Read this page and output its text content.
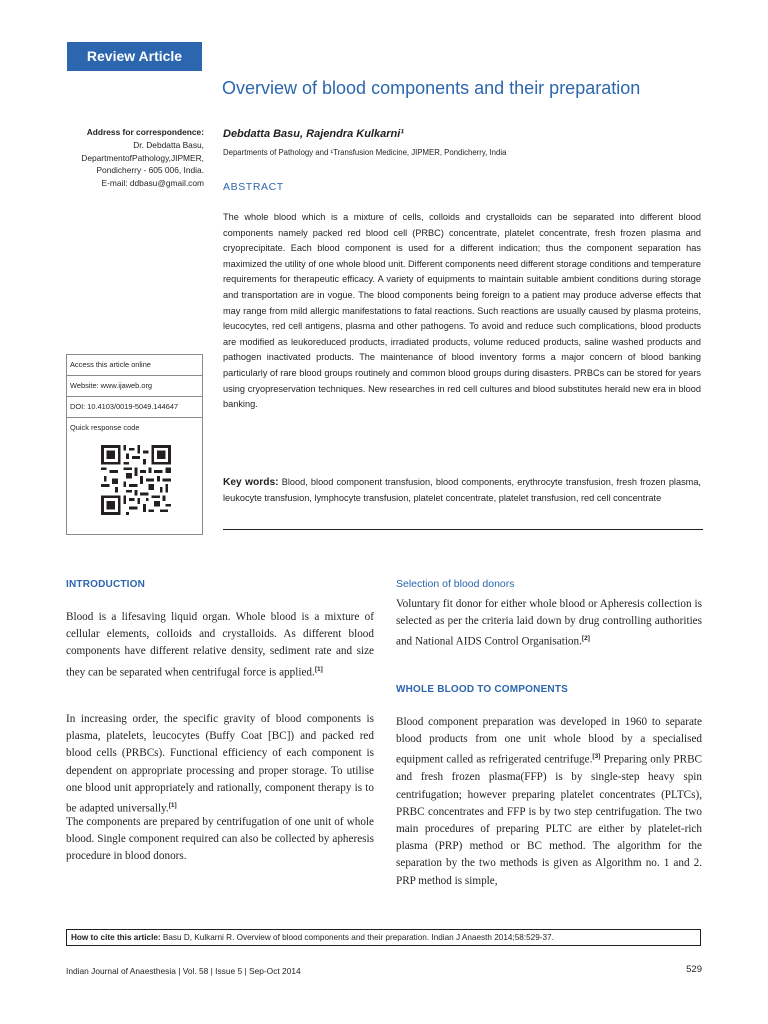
Review Article
Overview of blood components and their preparation
Address for correspondence:
Dr. Debdatta Basu,
DepartmentofPathology,JIPMER,
Pondicherry - 605 006, India.
E-mail: ddbasu@gmail.com
Debdatta Basu, Rajendra Kulkarni¹
Departments of Pathology and ¹Transfusion Medicine, JIPMER, Pondicherry, India
ABSTRACT

The whole blood which is a mixture of cells, colloids and crystalloids can be separated into different blood components namely packed red blood cell (PRBC) concentrate, platelet concentrate, fresh frozen plasma and cryoprecipitate. Each blood component is used for a different indication; thus the component separation has maximized the utility of one whole blood unit. Different components need different storage conditions and temperature requirements for therapeutic efficacy. A variety of equipments to maintain suitable ambient conditions during storage and transportation are in vogue. The blood components being foreign to a patient may produce adverse effects that may range from mild allergic manifestations to fatal reactions. Such reactions are usually caused by plasma proteins, leucocytes, red cell antigens, plasma and other pathogens. To avoid and reduce such complications, blood products are modified as leukoreduced products, irradiated products, volume reduced products, saline washed products and pathogen inactivated products. The maintenance of blood inventory forms a major concern of blood banking particularly of rare blood groups routinely and common blood groups during disasters. PRBCs can be stored for years using cryopreservation techniques. New researches in red cell cultures and blood substitutes herald new era in blood banking.

Key words: Blood, blood component transfusion, blood components, erythrocyte transfusion, fresh frozen plasma, leukocyte transfusion, lymphocyte transfusion, platelet concentrate, platelet transfusion, red cell concentrate

Access this article online
Website: www.ijaweb.org
DOI: 10.4103/0019-5049.144647
Quick response code
INTRODUCTION

Blood is a lifesaving liquid organ. Whole blood is a mixture of cellular elements, colloids and crystalloids. As different blood components have different relative density, sediment rate and size they can be separated when centrifugal force is applied.[1]

In increasing order, the specific gravity of blood components is plasma, platelets, leucocytes (Buffy Coat [BC]) and packed red blood cells (PRBCs). Functional efficiency of each component is dependent on appropriate processing and proper storage. To utilise one blood unit appropriately and rationally, component therapy is to be adapted universally.[1]

The components are prepared by centrifugation of one unit of whole blood. Single component required can also be collected by apheresis procedure in blood donors.

Selection of blood donors

Voluntary fit donor for either whole blood or Apheresis collection is selected as per the criteria laid down by drug controlling authorities and National AIDS Control Organisation.[2]

WHOLE BLOOD TO COMPONENTS

Blood component preparation was developed in 1960 to separate blood products from one unit whole blood by a specialised equipment called as refrigerated centrifuge.[3] Preparing only PRBC and fresh frozen plasma(FFP) is by single-step heavy spin centrifugation; however preparing platelet concentrates (PLTCs), PRBC concentrates and FFP is by two step centrifugation. The two main procedures of preparing PLTC are either by platelet-rich plasma (PRP) method or BC method. The algorithm for the separation by the two methods is given as Algorithm no. 1 and 2. PRP method is simple,

How to cite this article: Basu D, Kulkarni R. Overview of blood components and their preparation. Indian J Anaesth 2014;58:529-37.
Indian Journal of Anaesthesia | Vol. 58 | Issue 5 | Sep-Oct 2014	529
